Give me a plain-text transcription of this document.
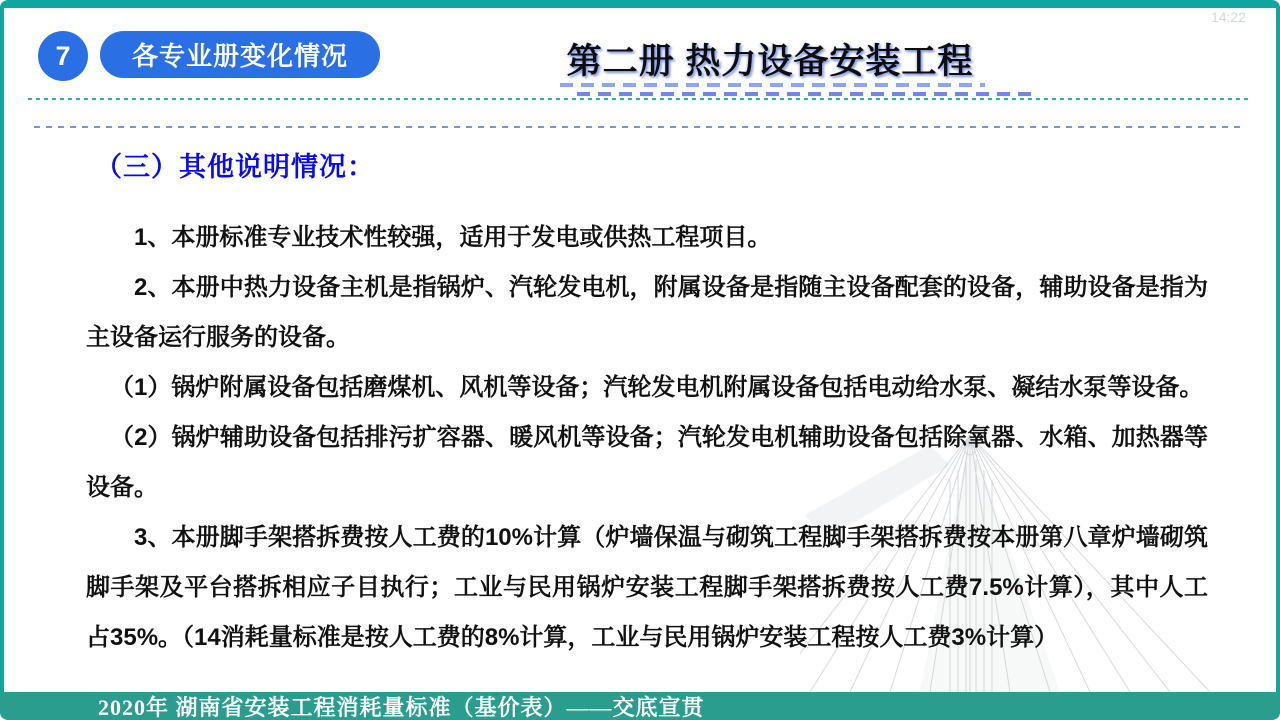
7	各专业册变化情况	第二册 热力设备安装工程
14:22
（三）其他说明情况：

1、本册标准专业技术性较强，适用于发电或供热工程项目。

2、本册中热力设备主机是指锅炉、汽轮发电机，附属设备是指随主设备配套的设备，辅助设备是指为主设备运行服务的设备。

（1）锅炉附属设备包括磨煤机、风机等设备；汽轮发电机附属设备包括电动给水泵、凝结水泵等设备。

（2）锅炉辅助设备包括排污扩容器、暖风机等设备；汽轮发电机辅助设备包括除氧器、水箱、加热器等设备。

3、本册脚手架搭拆费按人工费的10%计算（炉墙保温与砌筑工程脚手架搭拆费按本册第八章炉墙砌筑脚手架及平台搭拆相应子目执行；工业与民用锅炉安装工程脚手架搭拆费按人工费7.5%计算），其中人工占35%。（14消耗量标准是按人工费的8%计算，工业与民用锅炉安装工程按人工费3%计算）

2020年 湖南省安装工程消耗量标准（基价表）——交底宣贯
